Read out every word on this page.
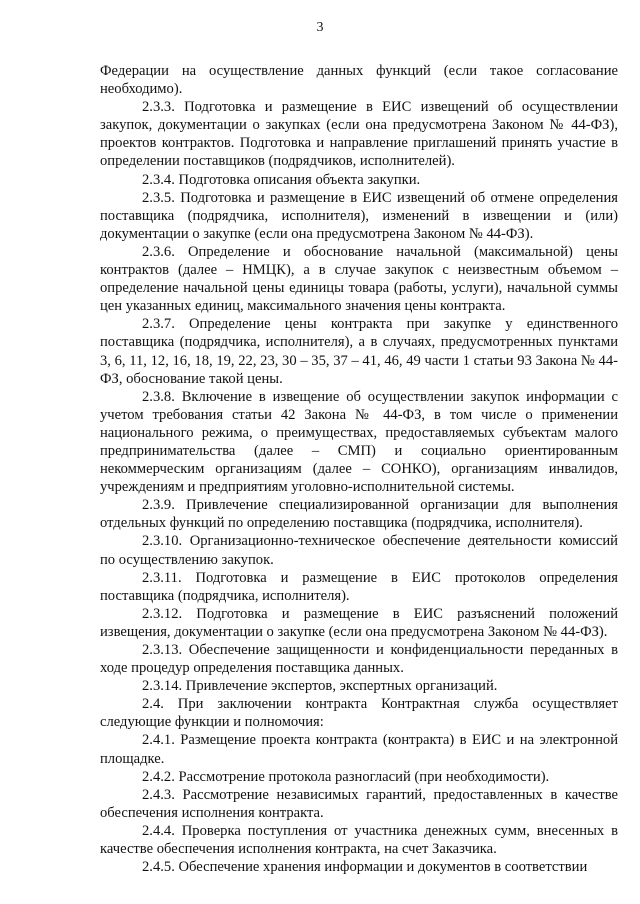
3

Федерации на осуществление данных функций (если такое согласование необходимо).

2.3.3. Подготовка и размещение в ЕИС извещений об осуществлении закупок, документации о закупках (если она предусмотрена Законом № 44-ФЗ), проектов контрактов. Подготовка и направление приглашений принять участие в определении поставщиков (подрядчиков, исполнителей).

2.3.4. Подготовка описания объекта закупки.

2.3.5. Подготовка и размещение в ЕИС извещений об отмене определения поставщика (подрядчика, исполнителя), изменений в извещении и (или) документации о закупке (если она предусмотрена Законом № 44-ФЗ).

2.3.6. Определение и обоснование начальной (максимальной) цены контрактов (далее – НМЦК), а в случае закупок с неизвестным объемом – определение начальной цены единицы товара (работы, услуги), начальной суммы цен указанных единиц, максимального значения цены контракта.

2.3.7. Определение цены контракта при закупке у единственного поставщика (подрядчика, исполнителя), а в случаях, предусмотренных пунктами 3, 6, 11, 12, 16, 18, 19, 22, 23, 30 – 35, 37 – 41, 46, 49 части 1 статьи 93 Закона № 44-ФЗ, обоснование такой цены.

2.3.8. Включение в извещение об осуществлении закупок информации с учетом требования статьи 42 Закона № 44-ФЗ, в том числе о применении национального режима, о преимуществах, предоставляемых субъектам малого предпринимательства (далее – СМП) и социально ориентированным некоммерческим организациям (далее – СОНКО), организациям инвалидов, учреждениям и предприятиям уголовно-исполнительной системы.

2.3.9. Привлечение специализированной организации для выполнения отдельных функций по определению поставщика (подрядчика, исполнителя).

2.3.10. Организационно-техническое обеспечение деятельности комиссий по осуществлению закупок.

2.3.11. Подготовка и размещение в ЕИС протоколов определения поставщика (подрядчика, исполнителя).

2.3.12. Подготовка и размещение в ЕИС разъяснений положений извещения, документации о закупке (если она предусмотрена Законом № 44-ФЗ).

2.3.13. Обеспечение защищенности и конфиденциальности переданных в ходе процедур определения поставщика данных.

2.3.14. Привлечение экспертов, экспертных организаций.

2.4. При заключении контракта Контрактная служба осуществляет следующие функции и полномочия:

2.4.1. Размещение проекта контракта (контракта) в ЕИС и на электронной площадке.

2.4.2. Рассмотрение протокола разногласий (при необходимости).

2.4.3. Рассмотрение независимых гарантий, предоставленных в качестве обеспечения исполнения контракта.

2.4.4. Проверка поступления от участника денежных сумм, внесенных в качестве обеспечения исполнения контракта, на счет Заказчика.

2.4.5. Обеспечение хранения информации и документов в соответствии
